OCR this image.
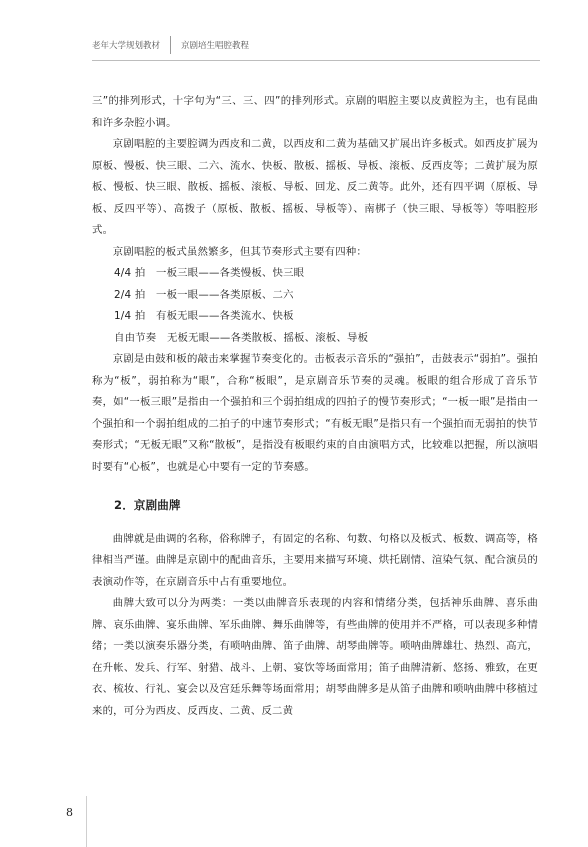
老年大学规划教材 京剧培生唱腔教程

三”的排列形式，十字句为“三、三、四”的排列形式。京剧的唱腔主要以皮黄腔为主，也有昆曲和许多杂腔小调。

京剧唱腔的主要腔调为西皮和二黄，以西皮和二黄为基础又扩展出许多板式。如西皮扩展为原板、慢板、快三眼、二六、流水、快板、散板、摇板、导板、滚板、反西皮等；二黄扩展为原板、慢板、快三眼、散板、摇板、滚板、导板、回龙、反二黄等。此外，还有四平调（原板、导板、反四平等）、高拨子（原板、散板、摇板、导板等）、南梆子（快三眼、导板等）等唱腔形式。

京剧唱腔的板式虽然繁多，但其节奏形式主要有四种：

4/4 拍　一板三眼——各类慢板、快三眼

2/4 拍　一板一眼——各类原板、二六

1/4 拍　有板无眼——各类流水、快板

自由节奏　无板无眼——各类散板、摇板、滚板、导板

京剧是由鼓和板的敲击来掌握节奏变化的。击板表示音乐的“强拍”，击鼓表示“弱拍”。强拍称为“板”，弱拍称为“眼”，合称“板眼”，是京剧音乐节奏的灵魂。板眼的组合形成了音乐节奏，如“一板三眼”是指由一个强拍和三个弱拍组成的四拍子的慢节奏形式；“一板一眼”是指由一个强拍和一个弱拍组成的二拍子的中速节奏形式；“有板无眼”是指只有一个强拍而无弱拍的快节奏形式；“无板无眼”又称“散板”，是指没有板眼约束的自由演唱方式，比较难以把握，所以演唱时要有“心板”，也就是心中要有一定的节奏感。

2．京剧曲牌

曲牌就是曲调的名称，俗称牌子，有固定的名称、句数、句格以及板式、板数、调高等，格律相当严谨。曲牌是京剧中的配曲音乐，主要用来描写环境、烘托剧情、渲染气氛、配合演员的表演动作等，在京剧音乐中占有重要地位。

曲牌大致可以分为两类：一类以曲牌音乐表现的内容和情绪分类，包括神乐曲牌、喜乐曲牌、哀乐曲牌、宴乐曲牌、军乐曲牌、舞乐曲牌等，有些曲牌的使用并不严格，可以表现多种情绪；一类以演奏乐器分类，有唢呐曲牌、笛子曲牌、胡琴曲牌等。唢呐曲牌雄壮、热烈、高亢，在升帐、发兵、行军、射猎、战斗、上朝、宴饮等场面常用；笛子曲牌清新、悠扬、雅致，在更衣、梳妆、行礼、宴会以及宫廷乐舞等场面常用；胡琴曲牌多是从笛子曲牌和唢呐曲牌中移植过来的，可分为西皮、反西皮、二黄、反二黄

8
